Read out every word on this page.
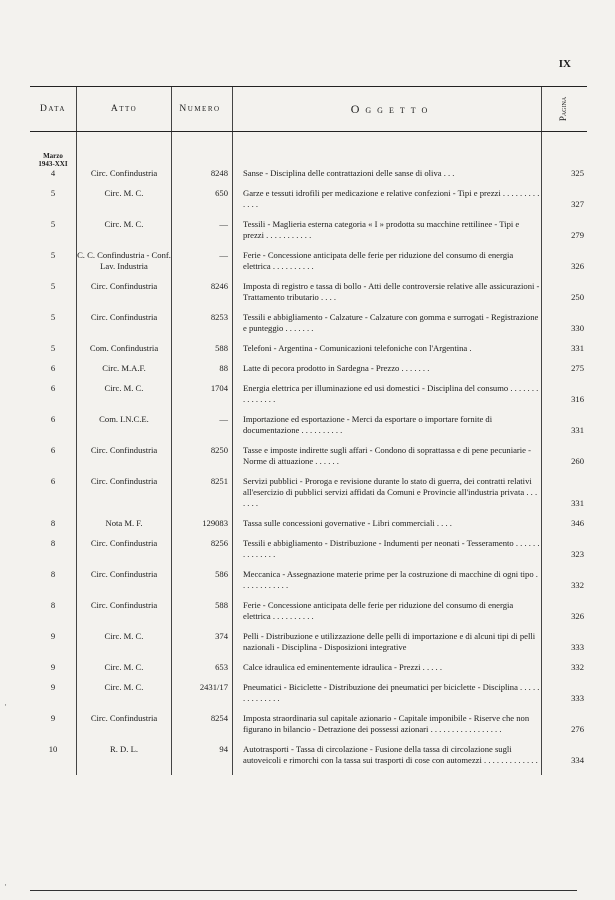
IX
Data	Atto	Numero	Oggetto	Pagina

Marzo
1943-XXI				

4	Circ. Confindustria	8248	Sanse - Disciplina delle contrattazioni delle sanse di oliva . . .	325
5	Circ. M. C.	650	Garze e tessuti idrofili per medicazione e relative confezioni - Tipi e prezzi . . . . . . . . . . . . .	327
5	Circ. M. C.	—	Tessili - Maglieria esterna categoria « I » prodotta su macchine rettilinee - Tipi e prezzi . . . . . . . . . . .	279
5	C. C. Confindustria - Conf. Lav. Industria	—	Ferie - Concessione anticipata delle ferie per riduzione del consumo di energia elettrica . . . . . . . . . .	326
5	Circ. Confindustria	8246	Imposta di registro e tassa di bollo - Atti delle controversie relative alle assicurazioni - Trattamento tributario . . . .	250
5	Circ. Confindustria	8253	Tessili e abbigliamento - Calzature - Calzature con gomma e surrogati - Registrazione e punteggio . . . . . . .	330
5	Com. Confindustria	588	Telefoni - Argentina - Comunicazioni telefoniche con l'Argentina .	331
6	Circ. M.A.F.	88	Latte di pecora prodotto in Sardegna - Prezzo . . . . . . .	275
6	Circ. M. C.	1704	Energia elettrica per illuminazione ed usi domestici - Disciplina del consumo . . . . . . . . . . . . . . .	316
6	Com. I.N.C.E.	—	Importazione ed esportazione - Merci da esportare o importare fornite di documentazione . . . . . . . . . .	331
6	Circ. Confindustria	8250	Tasse e imposte indirette sugli affari - Condono di soprattassa e di pene pecuniarie - Norme di attuazione . . . . . .	260
6	Circ. Confindustria	8251	Servizi pubblici - Proroga e revisione durante lo stato di guerra, dei contratti relativi all'esercizio di pubblici servizi affidati da Comuni e Provincie all'industria privata . . . . . . .	331
8	Nota M. F.	129083	Tassa sulle concessioni governative - Libri commerciali . . . .	346
8	Circ. Confindustria	8256	Tessili e abbigliamento - Distribuzione - Indumenti per neonati - Tesseramento . . . . . . . . . . . . . .	323
8	Circ. Confindustria	586	Meccanica - Assegnazione materie prime per la costruzione di macchine di ogni tipo . . . . . . . . . . . .	332
8	Circ. Confindustria	588	Ferie - Concessione anticipata delle ferie per riduzione del consumo di energia elettrica . . . . . . . . . .	326
9	Circ. M. C.	374	Pelli - Distribuzione e utilizzazione delle pelli di importazione e di alcuni tipi di pelli nazionali - Disciplina - Disposizioni integrative	333
9	Circ. M. C.	653	Calce idraulica ed eminentemente idraulica - Prezzi . . . . .	332
9	Circ. M. C.	2431/17	Pneumatici - Biciclette - Distribuzione dei pneumatici per biciclette - Disciplina . . . . . . . . . . . . . .	333
9	Circ. Confindustria	8254	Imposta straordinaria sul capitale azionario - Capitale imponibile - Riserve che non figurano in bilancio - Detrazione dei possessi azionari . . . . . . . . . . . . . . . . .	276
10	R. D. L.	94	Autotrasporti - Tassa di circolazione - Fusione della tassa di circolazione sugli autoveicoli e rimorchi con la tassa sui trasporti di cose con automezzi . . . . . . . . . . . . .	334
·
·
